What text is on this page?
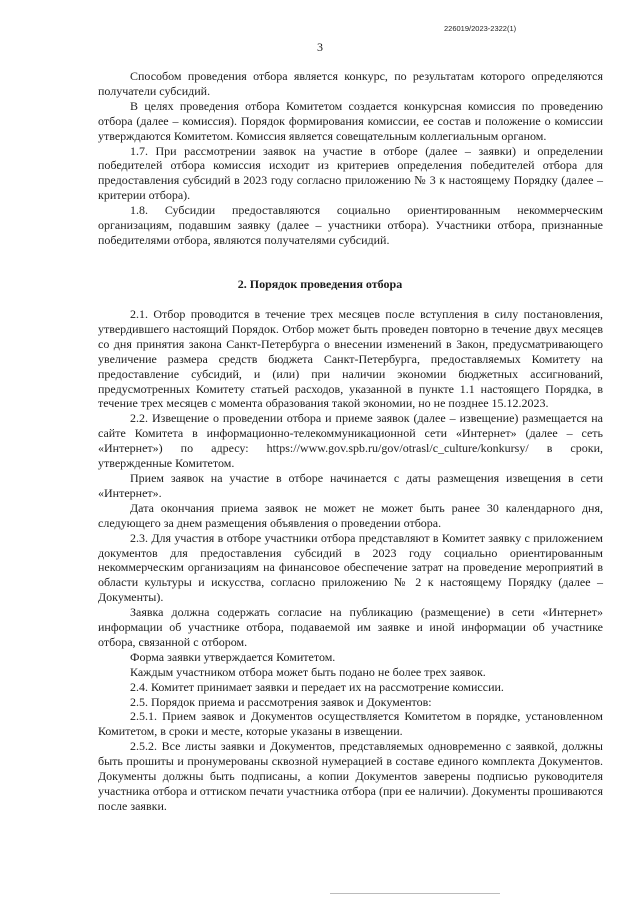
226019/2023-2322(1)
3

Способом проведения отбора является конкурс, по результатам которого определяются получатели субсидий.

В целях проведения отбора Комитетом создается конкурсная комиссия по проведению отбора (далее – комиссия). Порядок формирования комиссии, ее состав и положение о комиссии утверждаются Комитетом. Комиссия является совещательным коллегиальным органом.

1.7. При рассмотрении заявок на участие в отборе (далее – заявки) и определении победителей отбора комиссия исходит из критериев определения победителей отбора для предоставления субсидий в 2023 году согласно приложению № 3 к настоящему Порядку (далее – критерии отбора).

1.8. Субсидии предоставляются социально ориентированным некоммерческим организациям, подавшим заявку (далее – участники отбора). Участники отбора, признанные победителями отбора, являются получателями субсидий.

2. Порядок проведения отбора

2.1. Отбор проводится в течение трех месяцев после вступления в силу постановления, утвердившего настоящий Порядок. Отбор может быть проведен повторно в течение двух месяцев со дня принятия закона Санкт-Петербурга о внесении изменений в Закон, предусматривающего увеличение размера средств бюджета Санкт-Петербурга, предоставляемых Комитету на предоставление субсидий, и (или) при наличии экономии бюджетных ассигнований, предусмотренных Комитету статьей расходов, указанной в пункте 1.1 настоящего Порядка, в течение трех месяцев с момента образования такой экономии, но не позднее 15.12.2023.

2.2. Извещение о проведении отбора и приеме заявок (далее – извещение) размещается на сайте Комитета в информационно-телекоммуникационной сети «Интернет» (далее – сеть «Интернет») по адресу: https://www.gov.spb.ru/gov/otrasl/c_culture/konkursy/ в сроки, утвержденные Комитетом.

Прием заявок на участие в отборе начинается с даты размещения извещения в сети «Интернет».

Дата окончания приема заявок не может не может быть ранее 30 календарного дня, следующего за днем размещения объявления о проведении отбора.

2.3. Для участия в отборе участники отбора представляют в Комитет заявку с приложением документов для предоставления субсидий в 2023 году социально ориентированным некоммерческим организациям на финансовое обеспечение затрат на проведение мероприятий в области культуры и искусства, согласно приложению № 2 к настоящему Порядку (далее – Документы).

Заявка должна содержать согласие на публикацию (размещение) в сети «Интернет» информации об участнике отбора, подаваемой им заявке и иной информации об участнике отбора, связанной с отбором.

Форма заявки утверждается Комитетом.

Каждым участником отбора может быть подано не более трех заявок.

2.4. Комитет принимает заявки и передает их на рассмотрение комиссии.

2.5. Порядок приема и рассмотрения заявок и Документов:

2.5.1. Прием заявок и Документов осуществляется Комитетом в порядке, установленном Комитетом, в сроки и месте, которые указаны в извещении.

2.5.2. Все листы заявки и Документов, представляемых одновременно с заявкой, должны быть прошиты и пронумерованы сквозной нумерацией в составе единого комплекта Документов. Документы должны быть подписаны, а копии Документов заверены подписью руководителя участника отбора и оттиском печати участника отбора (при ее наличии). Документы прошиваются после заявки.
